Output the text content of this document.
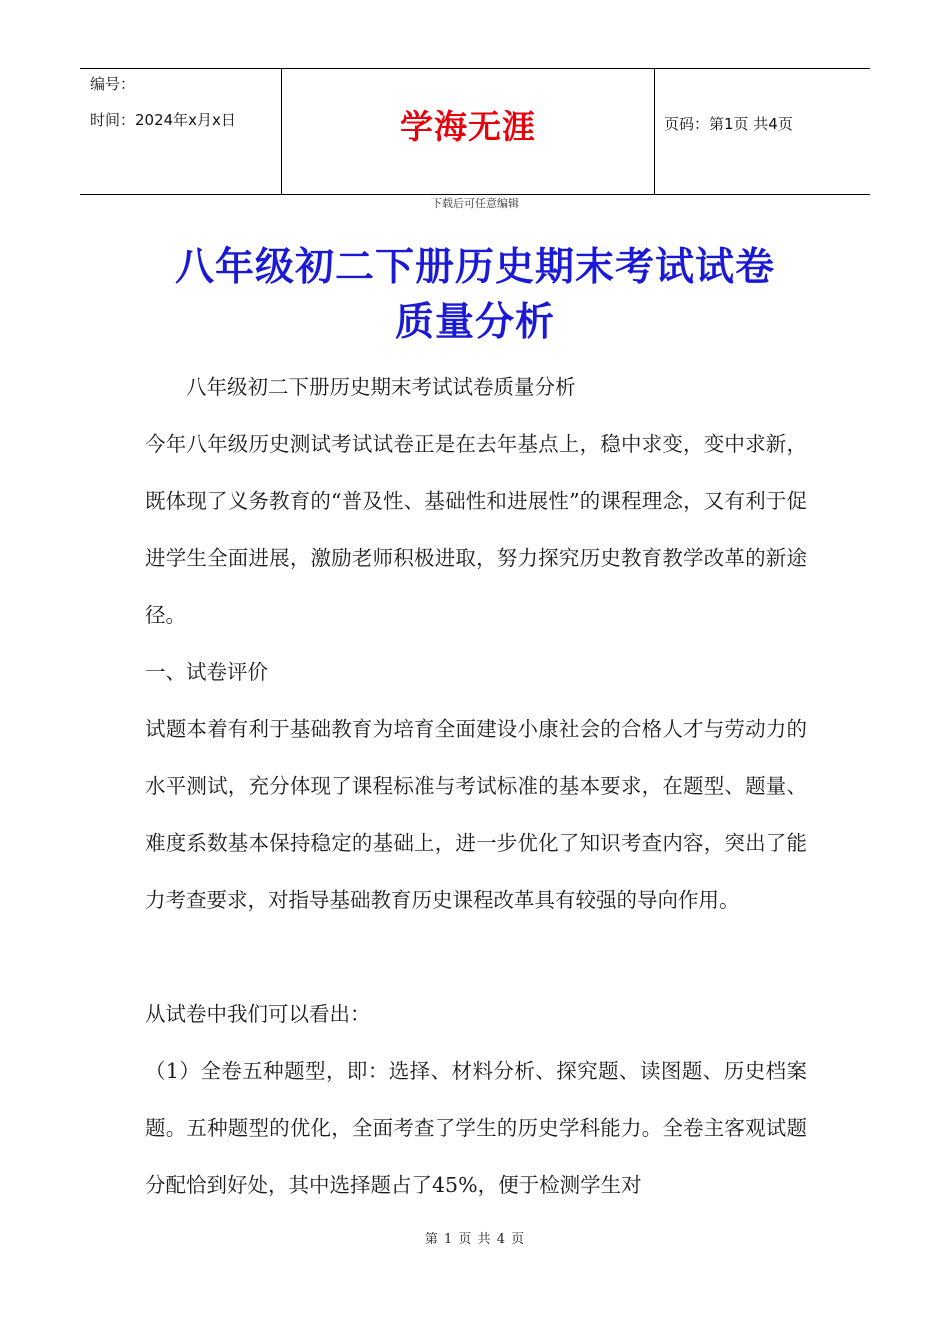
编号：
时间：2024年x月x日	学海无涯	页码：第1页 共4页
下载后可任意编辑
八年级初二下册历史期末考试试卷
质量分析

八年级初二下册历史期末考试试卷质量分析

今年八年级历史测试考试试卷正是在去年基点上，稳中求变，变中求新，既体现了义务教育的“普及性、基础性和进展性”的课程理念，又有利于促进学生全面进展，激励老师积极进取，努力探究历史教育教学改革的新途径。

一、试卷评价

试题本着有利于基础教育为培育全面建设小康社会的合格人才与劳动力的水平测试，充分体现了课程标准与考试标准的基本要求，在题型、题量、难度系数基本保持稳定的基础上，进一步优化了知识考查内容，突出了能力考查要求，对指导基础教育历史课程改革具有较强的导向作用。

从试卷中我们可以看出：

（1）全卷五种题型，即：选择、材料分析、探究题、读图题、历史档案题。五种题型的优化，全面考查了学生的历史学科能力。全卷主客观试题分配恰到好处，其中选择题占了45%，便于检测学生对

第 1 页 共 4 页
